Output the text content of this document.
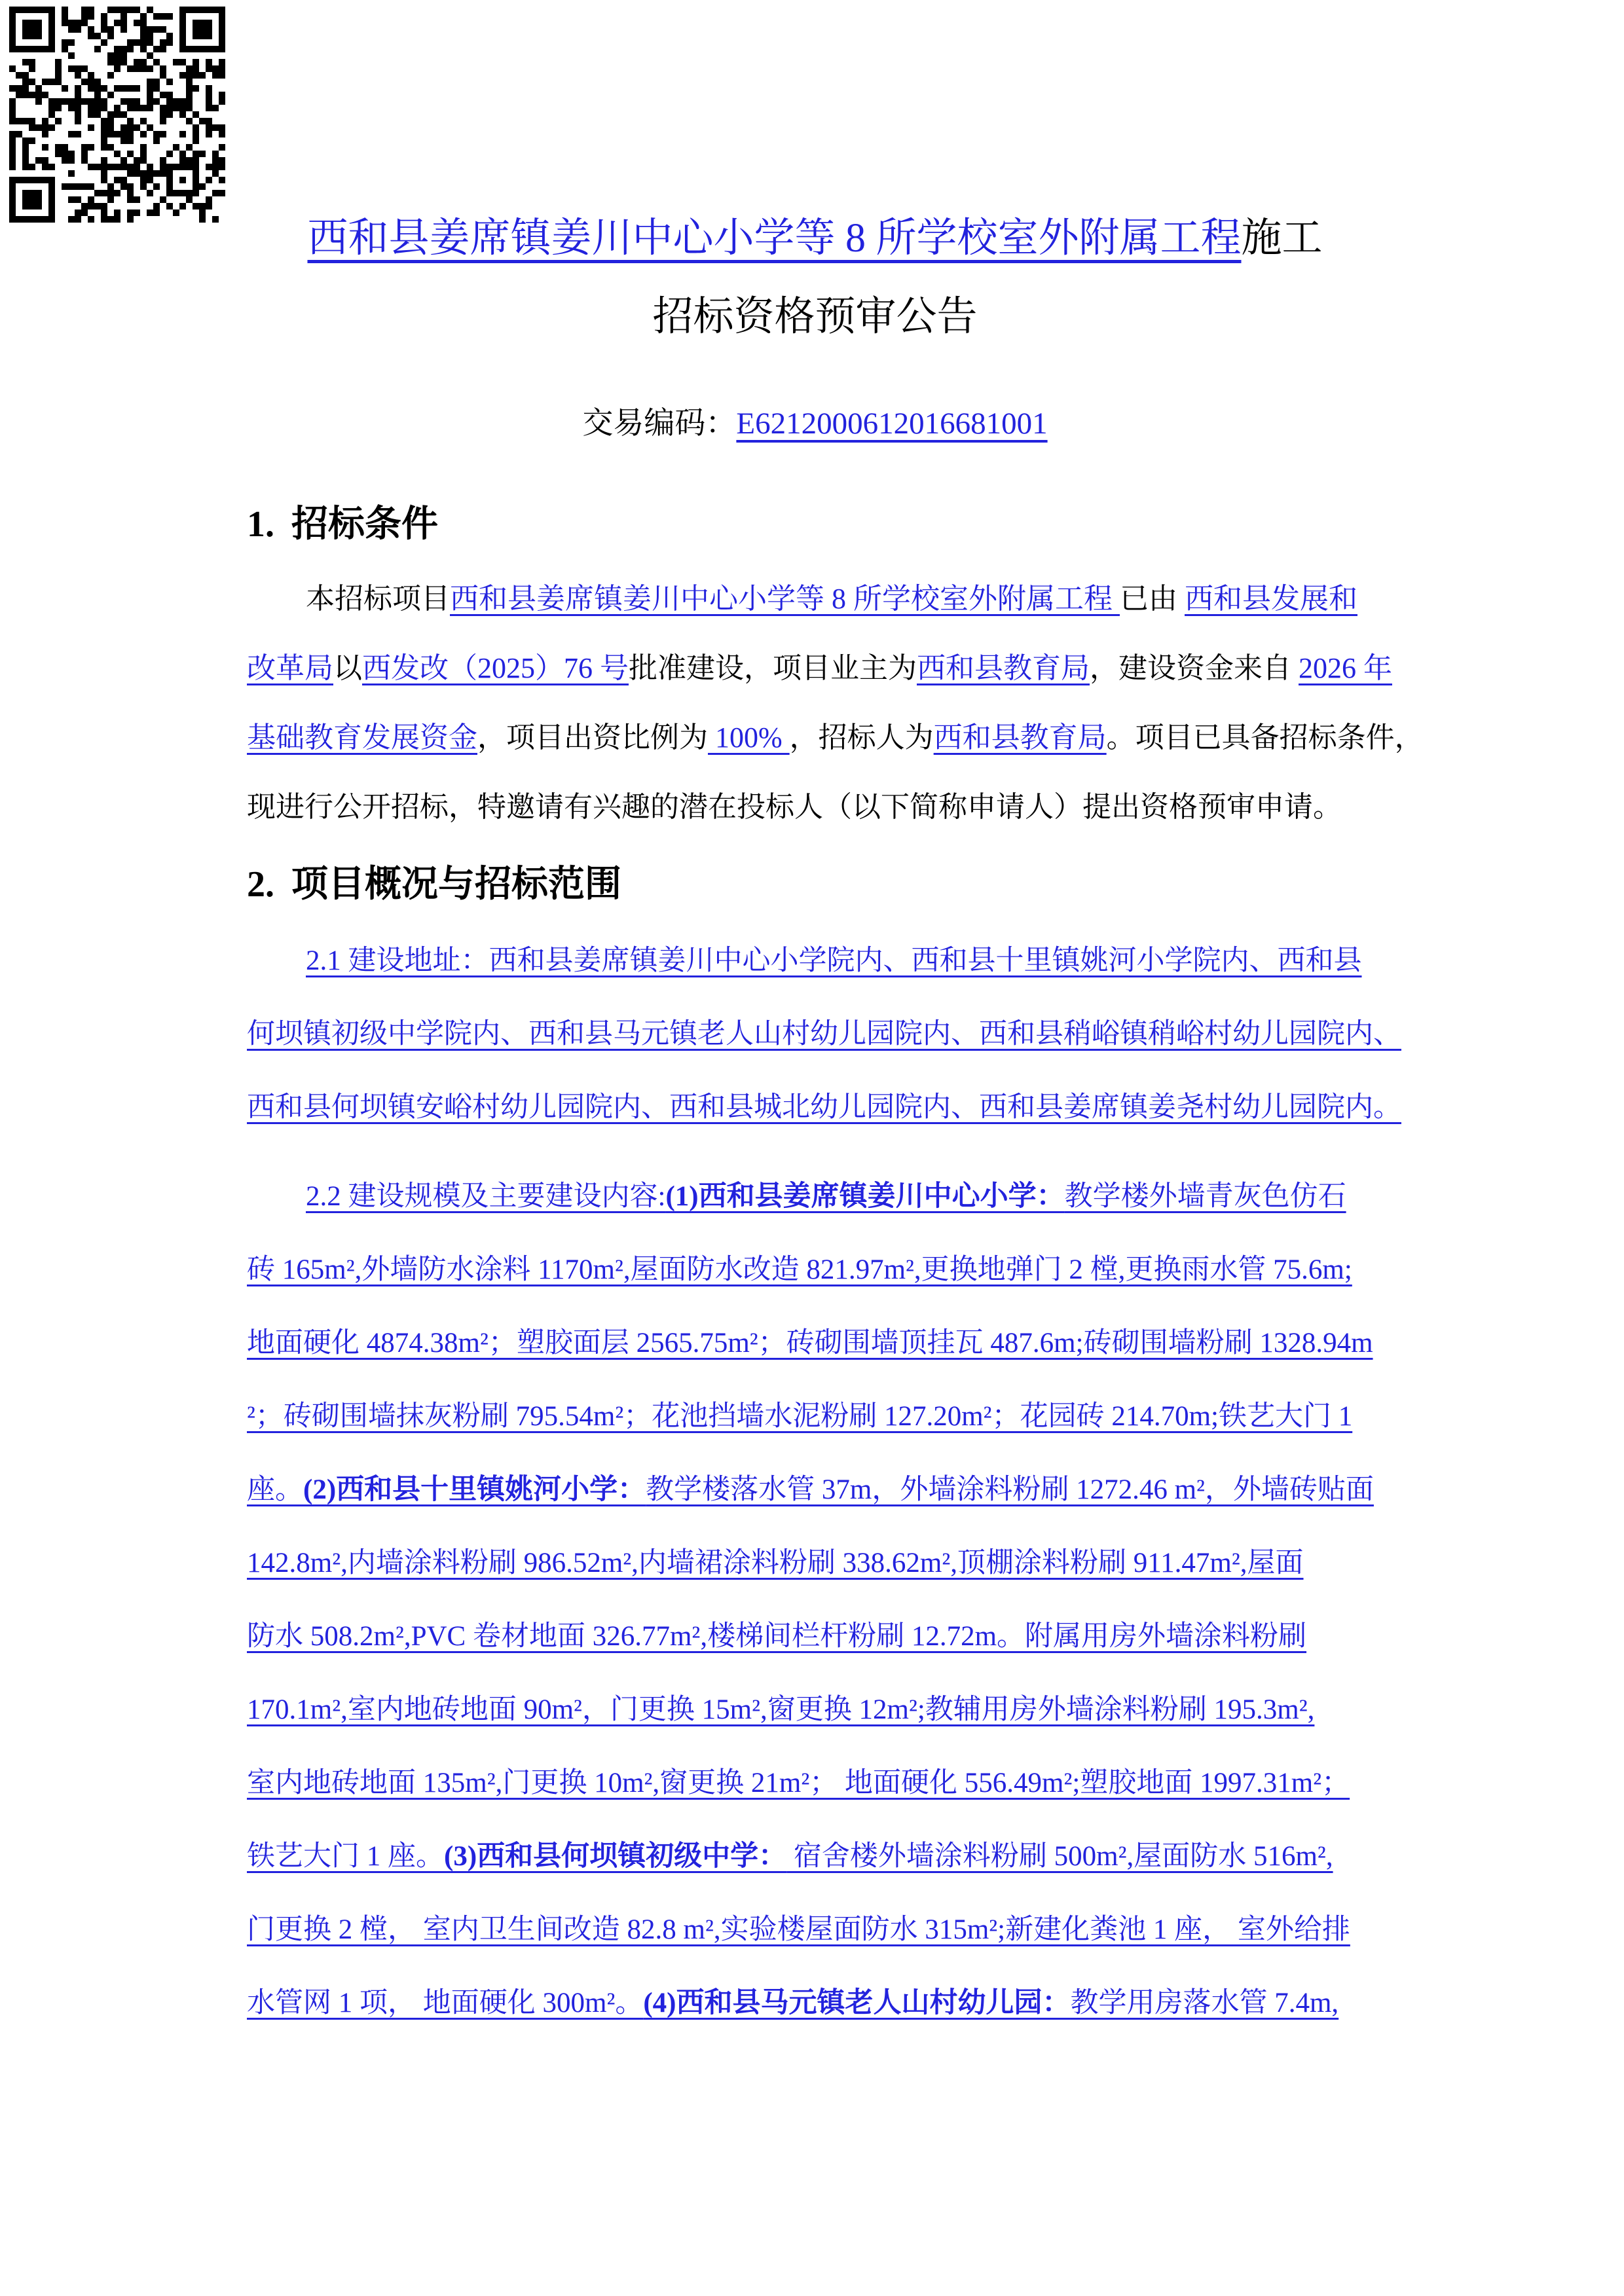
西和县姜席镇姜川中心小学等 8 所学校室外附属工程施工
招标资格预审公告
交易编码：E6212000612016681001
1. 招标条件
本招标项目西和县姜席镇姜川中心小学等 8 所学校室外附属工程 已由 西和县发展和
改革局以西发改（2025）76 号批准建设，项目业主为西和县教育局，建设资金来自 2026 年
基础教育发展资金，项目出资比例为 100% ，招标人为西和县教育局。项目已具备招标条件，
现进行公开招标，特邀请有兴趣的潜在投标人（以下简称申请人）提出资格预审申请。
2. 项目概况与招标范围
2.1 建设地址：西和县姜席镇姜川中心小学院内、西和县十里镇姚河小学院内、西和县
何坝镇初级中学院内、西和县马元镇老人山村幼儿园院内、西和县稍峪镇稍峪村幼儿园院内、
西和县何坝镇安峪村幼儿园院内、西和县城北幼儿园院内、西和县姜席镇姜尧村幼儿园院内。
2.2 建设规模及主要建设内容:(1)西和县姜席镇姜川中心小学：教学楼外墙青灰色仿石
砖 165m²,外墙防水涂料 1170m²,屋面防水改造 821.97m²,更换地弹门 2 樘,更换雨水管 75.6m;
地面硬化 4874.38m²；塑胶面层 2565.75m²；砖砌围墙顶挂瓦 487.6m;砖砌围墙粉刷 1328.94m
²；砖砌围墙抹灰粉刷 795.54m²；花池挡墙水泥粉刷 127.20m²；花园砖 214.70m;铁艺大门 1
座。(2)西和县十里镇姚河小学：教学楼落水管 37m，外墙涂料粉刷 1272.46 m²，外墙砖贴面
142.8m²,内墙涂料粉刷 986.52m²,内墙裙涂料粉刷 338.62m²,顶棚涂料粉刷 911.47m²,屋面
防水 508.2m²,PVC 卷材地面 326.77m²,楼梯间栏杆粉刷 12.72m。附属用房外墙涂料粉刷
170.1m²,室内地砖地面 90m²，门更换 15m²,窗更换 12m²;教辅用房外墙涂料粉刷 195.3m²,
室内地砖地面 135m²,门更换 10m²,窗更换 21m²； 地面硬化 556.49m²;塑胶地面 1997.31m²；
铁艺大门 1 座。(3)西和县何坝镇初级中学： 宿舍楼外墙涂料粉刷 500m²,屋面防水 516m²,
门更换 2 樘， 室内卫生间改造 82.8 m²,实验楼屋面防水 315m²;新建化粪池 1 座， 室外给排
水管网 1 项， 地面硬化 300m²。(4)西和县马元镇老人山村幼儿园：教学用房落水管 7.4m,
